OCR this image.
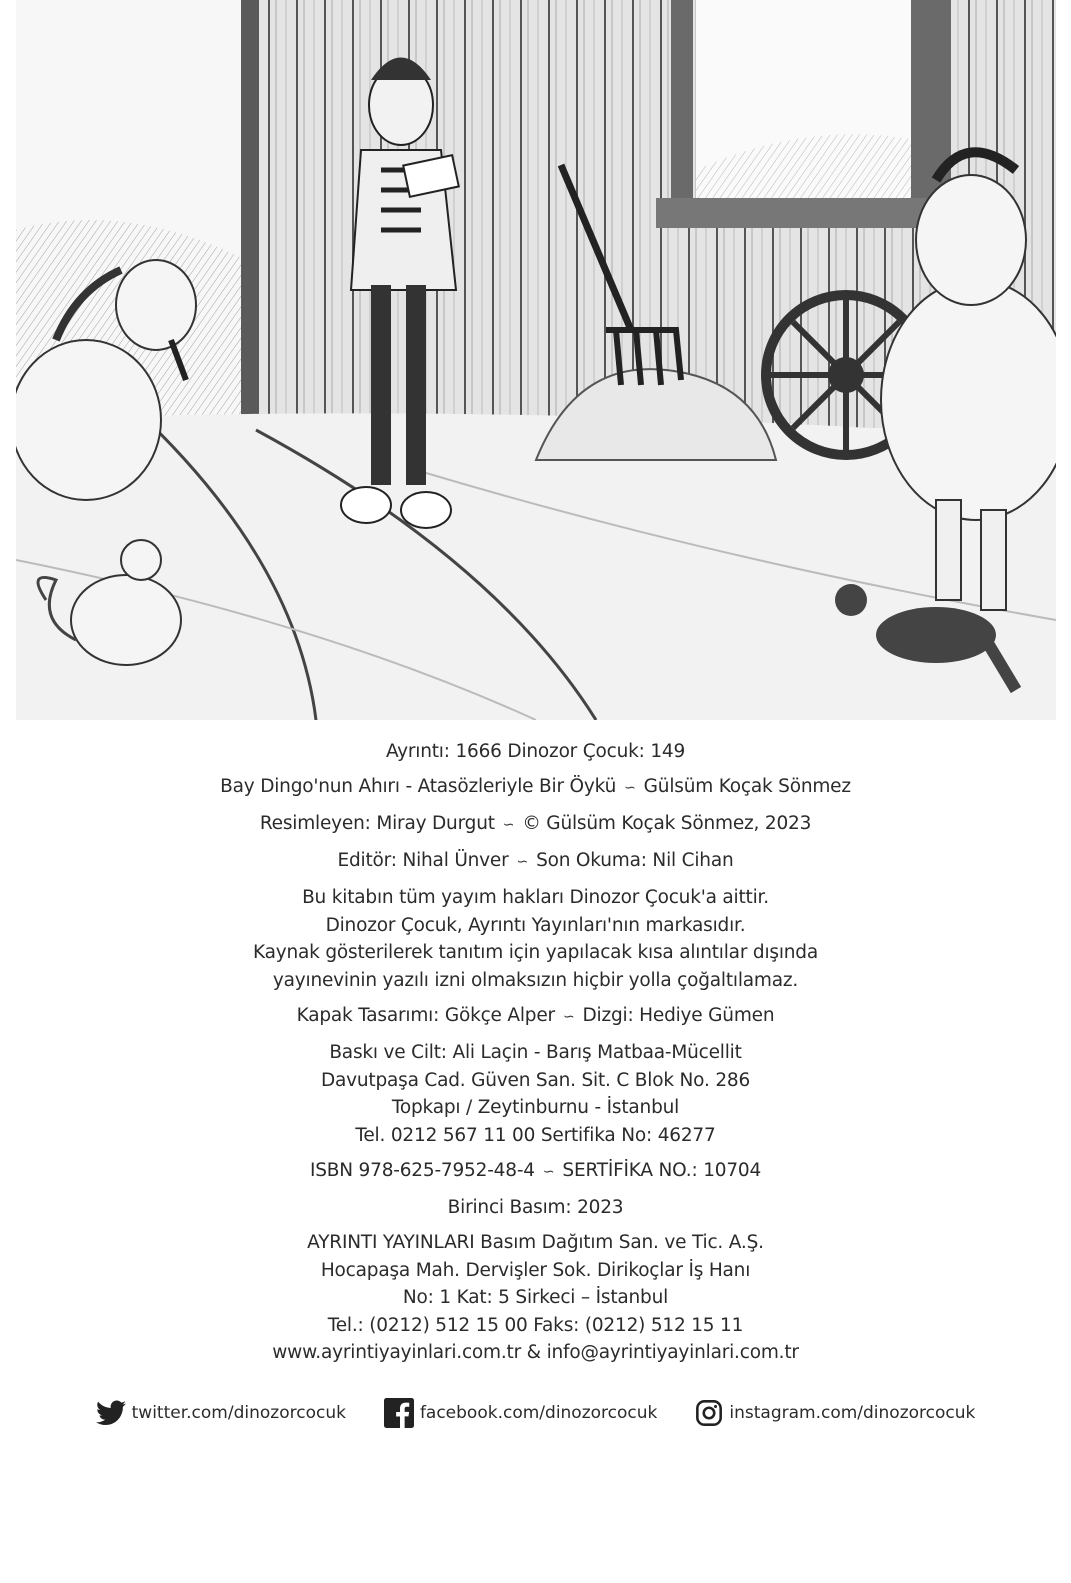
Ayrıntı: 1666 Dinozor Çocuk: 149

Bay Dingo'nun Ahırı - Atasözleriyle Bir Öykü ∽ Gülsüm Koçak Sönmez

Resimleyen: Miray Durgut ∽ © Gülsüm Koçak Sönmez, 2023

Editör: Nihal Ünver ∽ Son Okuma: Nil Cihan

Bu kitabın tüm yayım hakları Dinozor Çocuk'a aittir.
Dinozor Çocuk, Ayrıntı Yayınları'nın markasıdır.
Kaynak gösterilerek tanıtım için yapılacak kısa alıntılar dışında
yayınevinin yazılı izni olmaksızın hiçbir yolla çoğaltılamaz.

Kapak Tasarımı: Gökçe Alper ∽ Dizgi: Hediye Gümen

Baskı ve Cilt: Ali Laçin - Barış Matbaa-Mücellit
Davutpaşa Cad. Güven San. Sit. C Blok No. 286
Topkapı / Zeytinburnu - İstanbul
Tel. 0212 567 11 00 Sertifika No: 46277

ISBN 978-625-7952-48-4 ∽ SERTİFİKA NO.: 10704

Birinci Basım: 2023

AYRINTI YAYINLARI Basım Dağıtım San. ve Tic. A.Ş.
Hocapaşa Mah. Dervişler Sok. Dirikoçlar İş Hanı
No: 1 Kat: 5 Sirkeci – İstanbul
Tel.: (0212) 512 15 00 Faks: (0212) 512 15 11
www.ayrintiyayinlari.com.tr & info@ayrintiyayinlari.com.tr

twitter.com/dinozorcocuk	facebook.com/dinozorcocuk	instagram.com/dinozorcocuk
